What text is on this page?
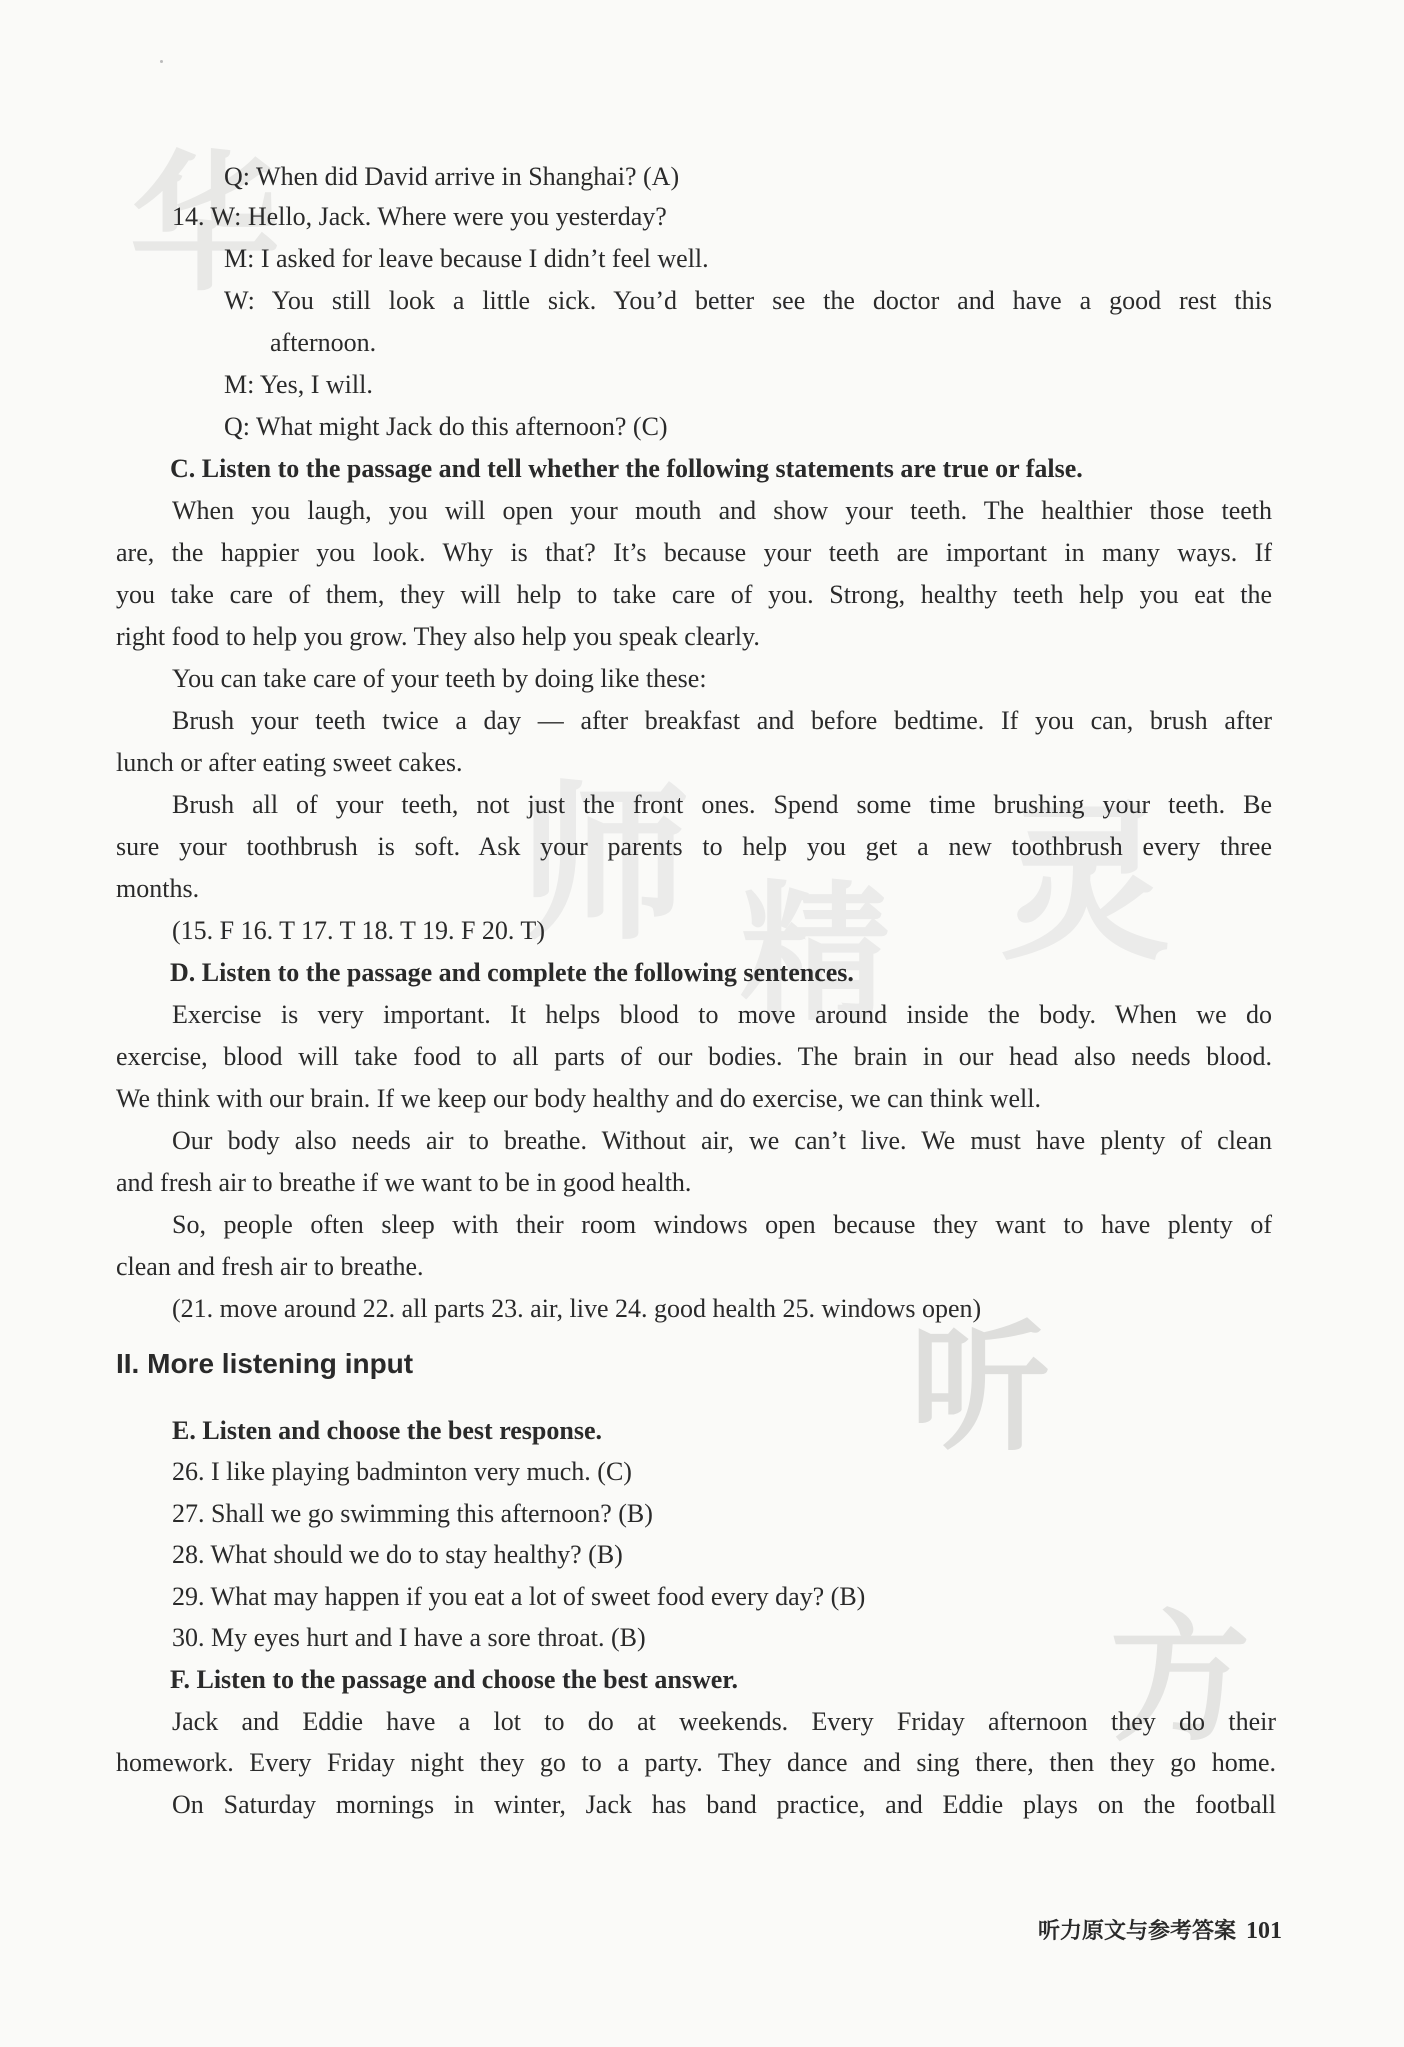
华
师 精 灵
听
方
Q: When did David arrive in Shanghai? (A)
14. W: Hello, Jack. Where were you yesterday?
M: I asked for leave because I didn’t feel well.
W: You still look a little sick. You’d better see the doctor and have a good rest this
afternoon.
M: Yes, I will.
Q: What might Jack do this afternoon? (C)
C. Listen to the passage and tell whether the following statements are true or false.
When you laugh, you will open your mouth and show your teeth. The healthier those teeth
are, the happier you look. Why is that? It’s because your teeth are important in many ways. If
you take care of them, they will help to take care of you. Strong, healthy teeth help you eat the
right food to help you grow. They also help you speak clearly.
You can take care of your teeth by doing like these:
Brush your teeth twice a day — after breakfast and before bedtime. If you can, brush after
lunch or after eating sweet cakes.
Brush all of your teeth, not just the front ones. Spend some time brushing your teeth. Be
sure your toothbrush is soft. Ask your parents to help you get a new toothbrush every three
months.
(15. F 16. T 17. T 18. T 19. F 20. T)
D. Listen to the passage and complete the following sentences.
Exercise is very important. It helps blood to move around inside the body. When we do
exercise, blood will take food to all parts of our bodies. The brain in our head also needs blood.
We think with our brain. If we keep our body healthy and do exercise, we can think well.
Our body also needs air to breathe. Without air, we can’t live. We must have plenty of clean
and fresh air to breathe if we want to be in good health.
So, people often sleep with their room windows open because they want to have plenty of
clean and fresh air to breathe.
(21. move around 22. all parts 23. air, live 24. good health 25. windows open)
E. Listen and choose the best response.
26. I like playing badminton very much. (C)
27. Shall we go swimming this afternoon? (B)
28. What should we do to stay healthy? (B)
29. What may happen if you eat a lot of sweet food every day? (B)
30. My eyes hurt and I have a sore throat. (B)
F. Listen to the passage and choose the best answer.
Jack and Eddie have a lot to do at weekends. Every Friday afternoon they do their
homework. Every Friday night they go to a party. They dance and sing there, then they go home.
On Saturday mornings in winter, Jack has band practice, and Eddie plays on the football
II. More listening input
听力原文与参考答案 101
